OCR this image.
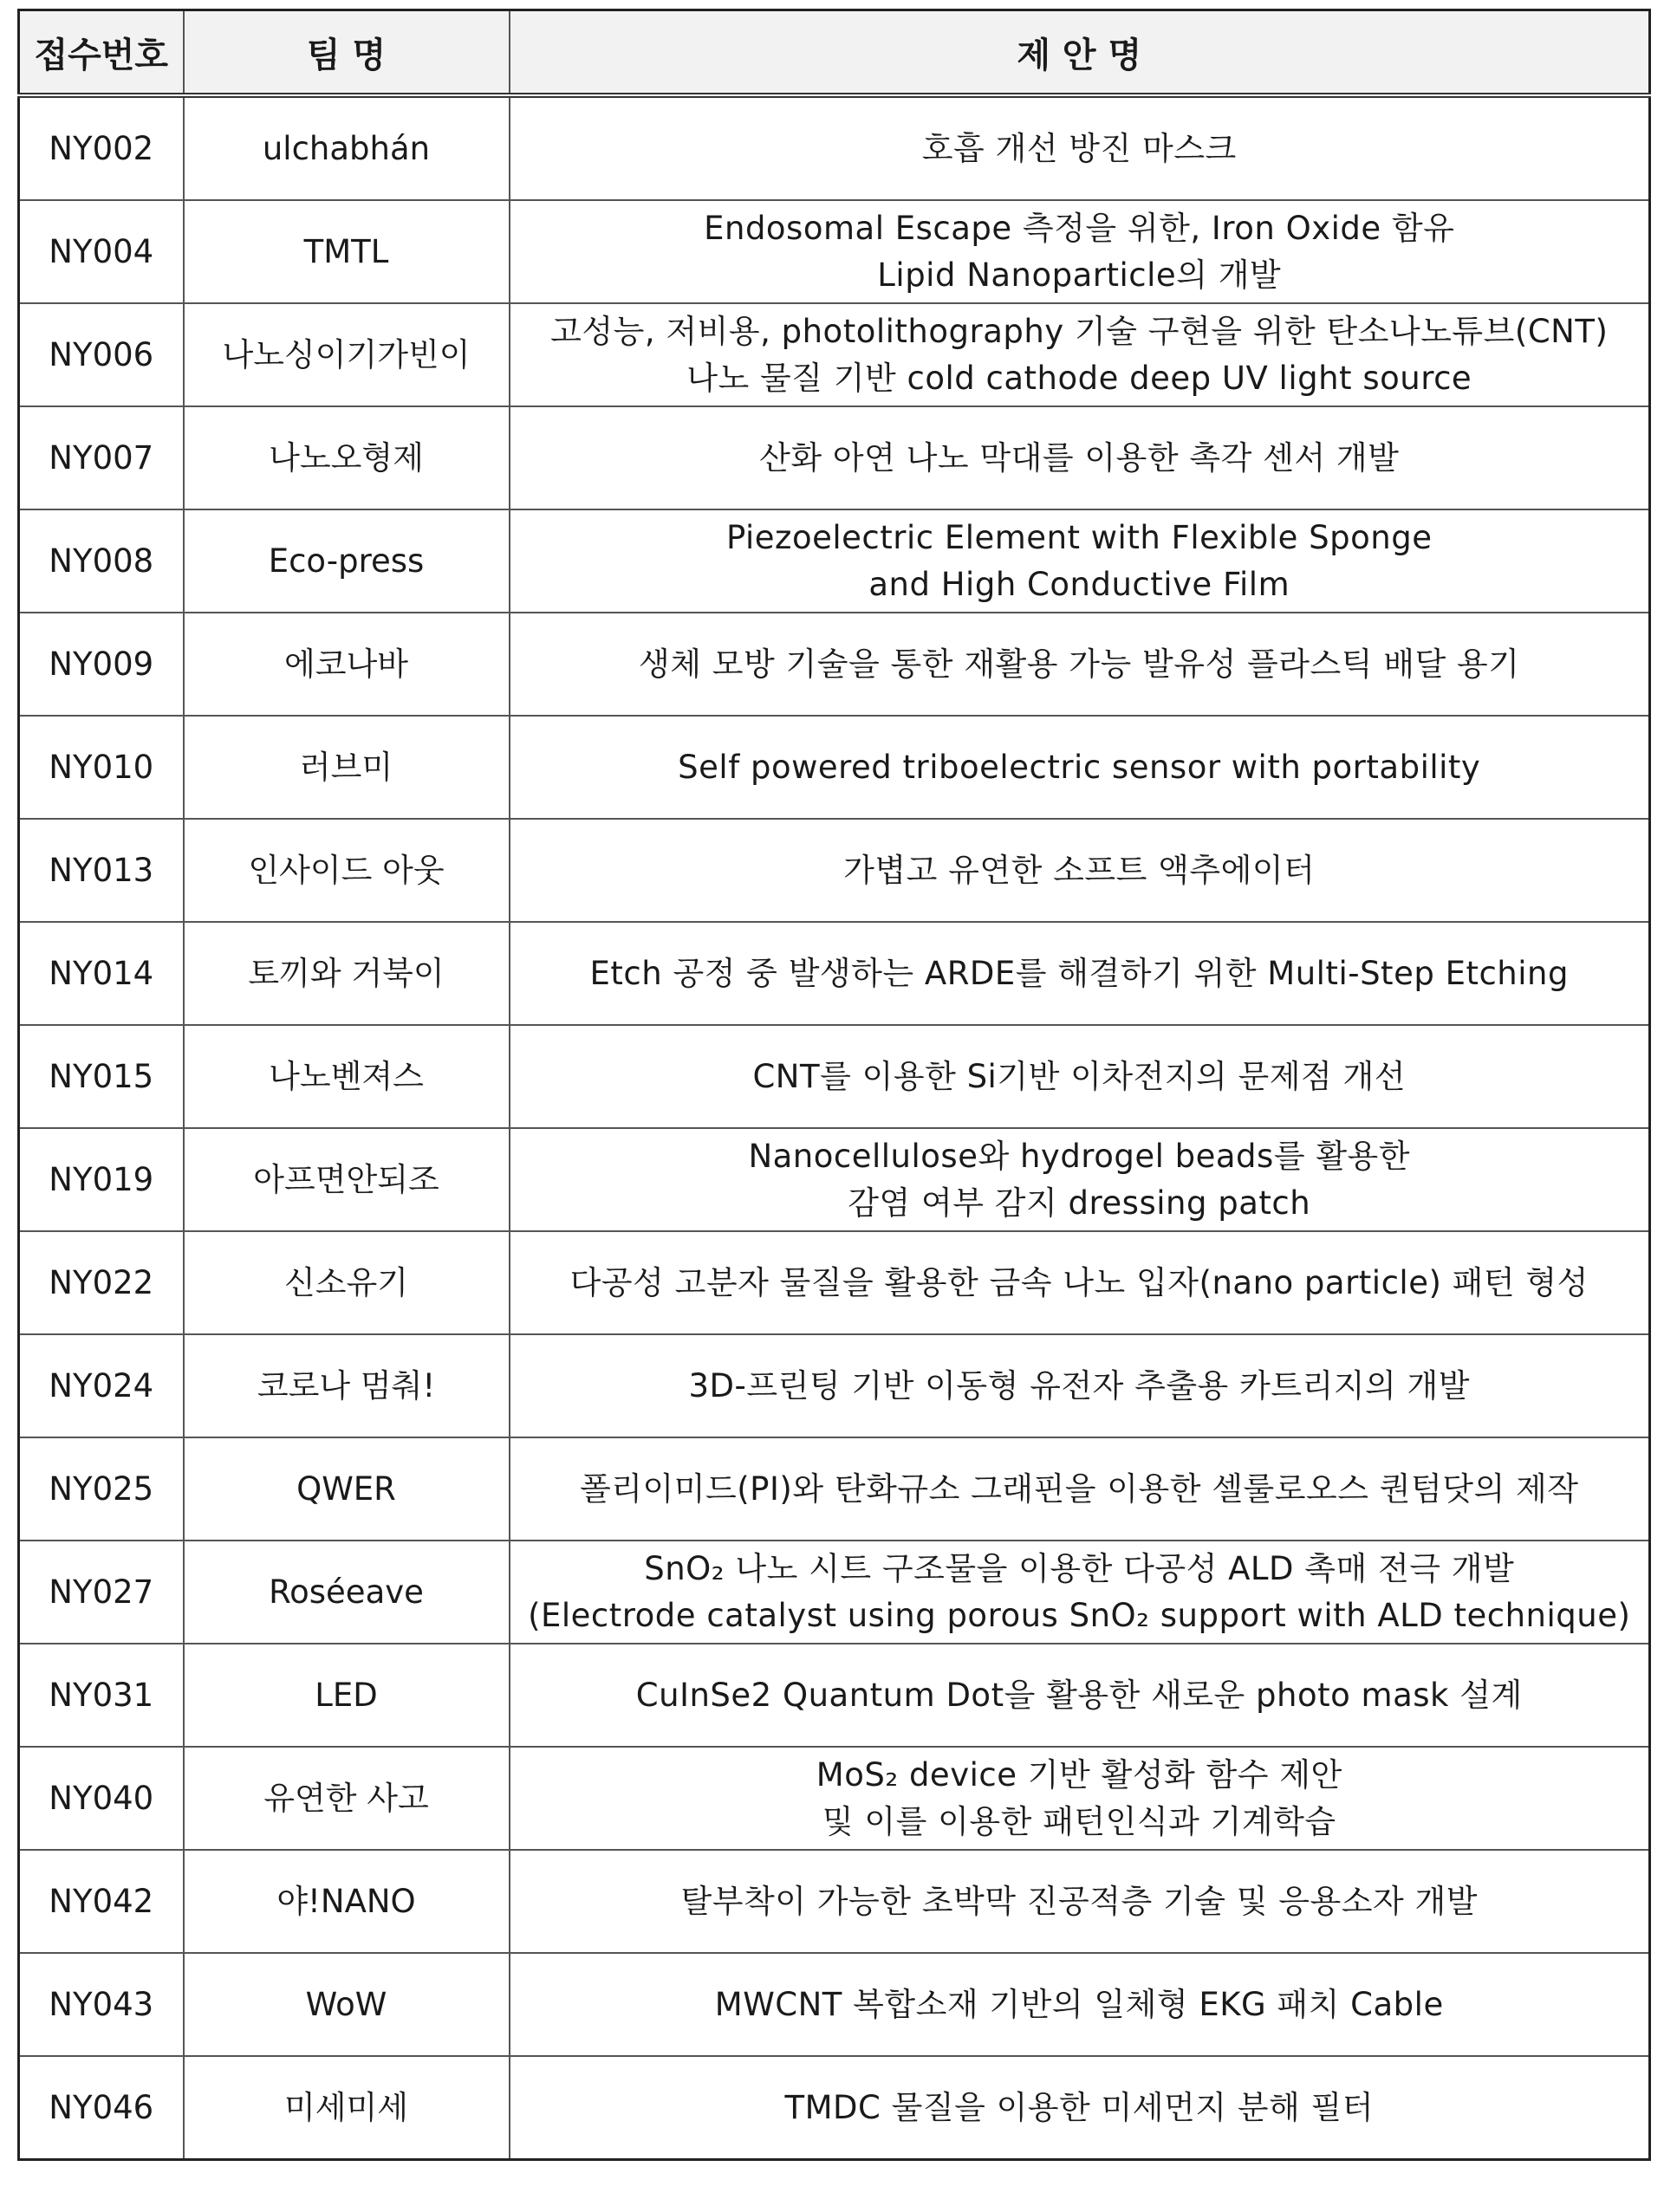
접수번호	팀 명	제 안 명
NY002	ulchabhán	호흡 개선 방진 마스크

NY004	TMTL	Endosomal Escape 측정을 위한, Iron Oxide 함유
Lipid Nanoparticle의 개발

NY006	나노싱이기가빈이	고성능, 저비용, photolithography 기술 구현을 위한 탄소나노튜브(CNT)
나노 물질 기반 cold cathode deep UV light source

NY007	나노오형제	산화 아연 나노 막대를 이용한 촉각 센서 개발

NY008	Eco-press	Piezoelectric Element with Flexible Sponge
and High Conductive Film

NY009	에코나바	생체 모방 기술을 통한 재활용 가능 발유성 플라스틱 배달 용기

NY010	러브미	Self powered triboelectric sensor with portability

NY013	인사이드 아웃	가볍고 유연한 소프트 액추에이터

NY014	토끼와 거북이	Etch 공정 중 발생하는 ARDE를 해결하기 위한 Multi-Step Etching

NY015	나노벤져스	CNT를 이용한 Si기반 이차전지의 문제점 개선

NY019	아프면안되조	Nanocellulose와 hydrogel beads를 활용한
감염 여부 감지 dressing patch

NY022	신소유기	다공성 고분자 물질을 활용한 금속 나노 입자(nano particle) 패턴 형성

NY024	코로나 멈춰!	3D-프린팅 기반 이동형 유전자 추출용 카트리지의 개발

NY025	QWER	폴리이미드(PI)와 탄화규소 그래핀을 이용한 셀룰로오스 퀀텀닷의 제작

NY027	Roséeave	SnO₂ 나노 시트 구조물을 이용한 다공성 ALD 촉매 전극 개발
(Electrode catalyst using porous SnO₂ support with ALD technique)

NY031	LED	CuInSe2 Quantum Dot을 활용한 새로운 photo mask 설계

NY040	유연한 사고	MoS₂ device 기반 활성화 함수 제안
및 이를 이용한 패턴인식과 기계학습

NY042	야!NANO	탈부착이 가능한 초박막 진공적층 기술 및 응용소자 개발

NY043	WoW	MWCNT 복합소재 기반의 일체형 EKG 패치 Cable

NY046	미세미세	TMDC 물질을 이용한 미세먼지 분해 필터
